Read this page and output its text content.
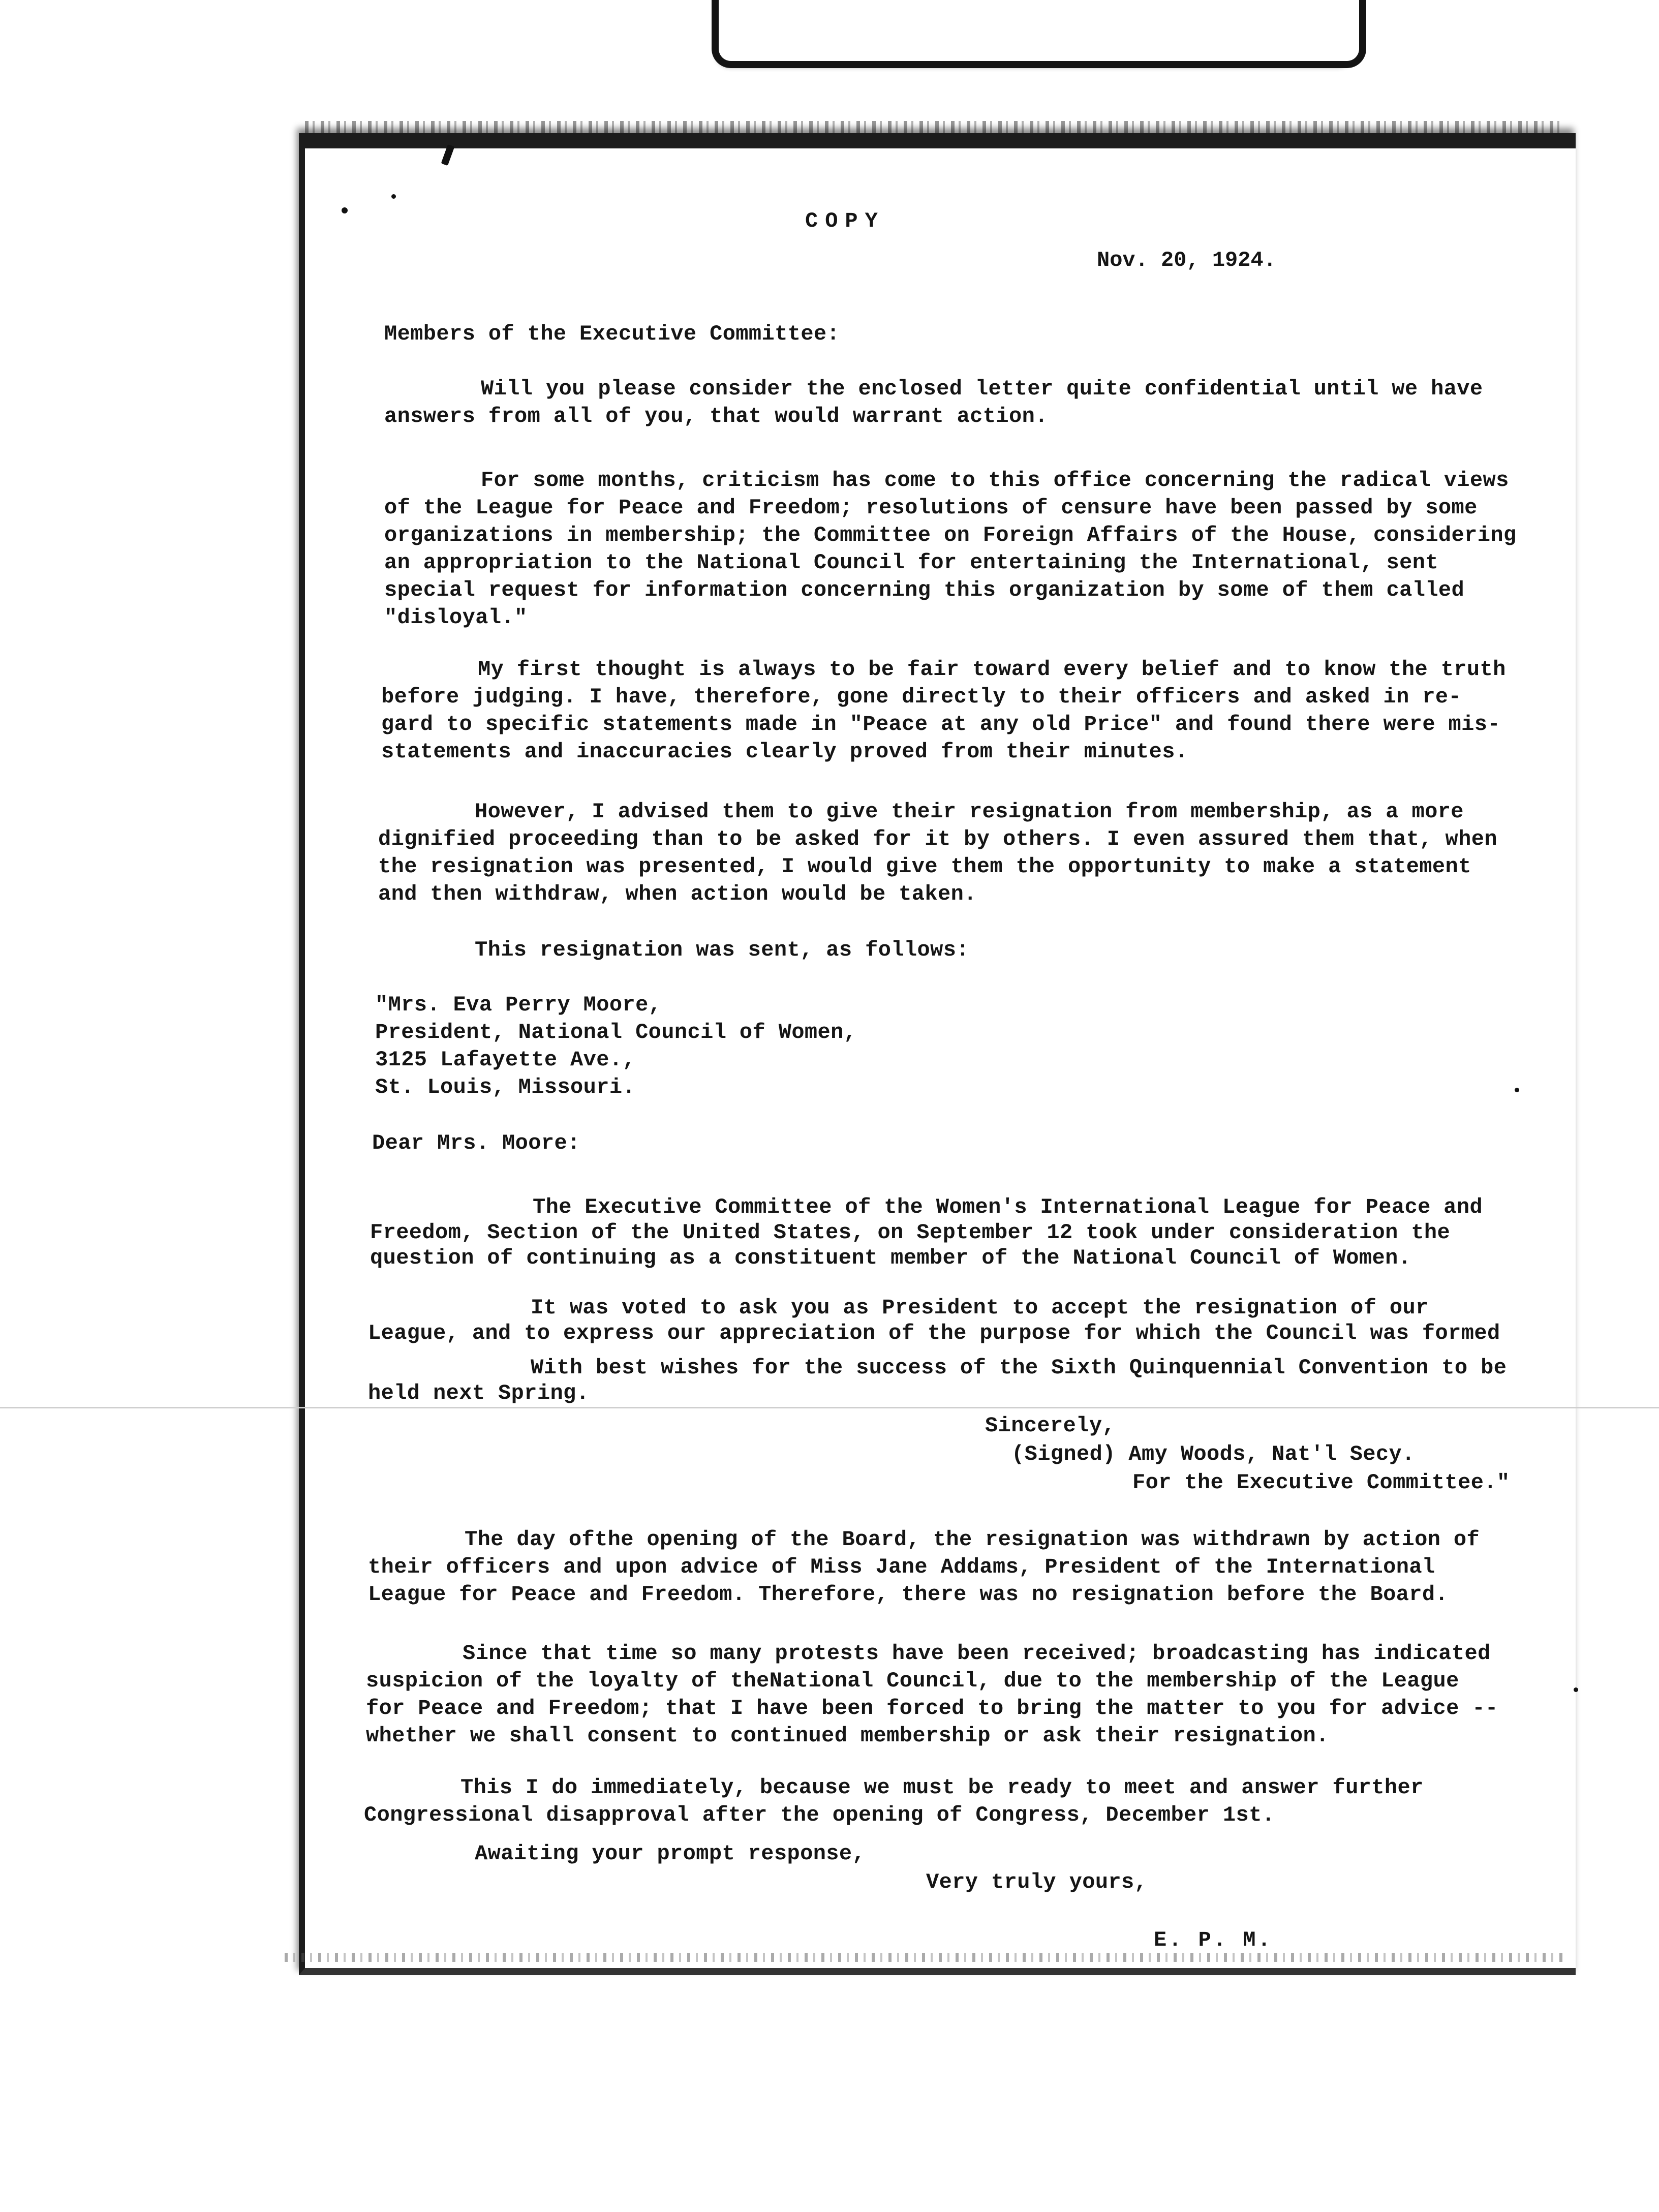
COPY
Nov. 20, 1924.
Members of the Executive Committee:
Will you please consider the enclosed letter quite confidential until we have
answers from all of you, that would warrant action.
For some months, criticism has come to this office concerning the radical views
of the League for Peace and Freedom; resolutions of censure have been passed by some
organizations in membership; the Committee on Foreign Affairs of the House, considering
an appropriation to the National Council for entertaining the International, sent
special request for information concerning this organization by some of them called
"disloyal."
My first thought is always to be fair toward every belief and to know the truth
before judging. I have, therefore, gone directly to their officers and asked in re-
gard to specific statements made in "Peace at any old Price" and found there were mis-
statements and inaccuracies clearly proved from their minutes.
However, I advised them to give their resignation from membership, as a more
dignified proceeding than to be asked for it by others. I even assured them that, when
the resignation was presented, I would give them the opportunity to make a statement
and then withdraw, when action would be taken.
This resignation was sent, as follows:
"Mrs. Eva Perry Moore,
President, National Council of Women,
3125 Lafayette Ave.,
St. Louis, Missouri.
Dear Mrs. Moore:
The Executive Committee of the Women's International League for Peace and
Freedom, Section of the United States, on September 12 took under consideration the
question of continuing as a constituent member of the National Council of Women.
It was voted to ask you as President to accept the resignation of our
League, and to express our appreciation of the purpose for which the Council was formed
With best wishes for the success of the Sixth Quinquennial Convention to be
held next Spring.
Sincerely,
(Signed) Amy Woods, Nat'l Secy.
For the Executive Committee."
The day ofthe opening of the Board, the resignation was withdrawn by action of
their officers and upon advice of Miss Jane Addams, President of the International
League for Peace and Freedom. Therefore, there was no resignation before the Board.
Since that time so many protests have been received; broadcasting has indicated
suspicion of the loyalty of theNational Council, due to the membership of the League
for Peace and Freedom; that I have been forced to bring the matter to you for advice --
whether we shall consent to continued membership or ask their resignation.
This I do immediately, because we must be ready to meet and answer further
Congressional disapproval after the opening of Congress, December 1st.
Awaiting your prompt response,
Very truly yours,
E. P. M.
